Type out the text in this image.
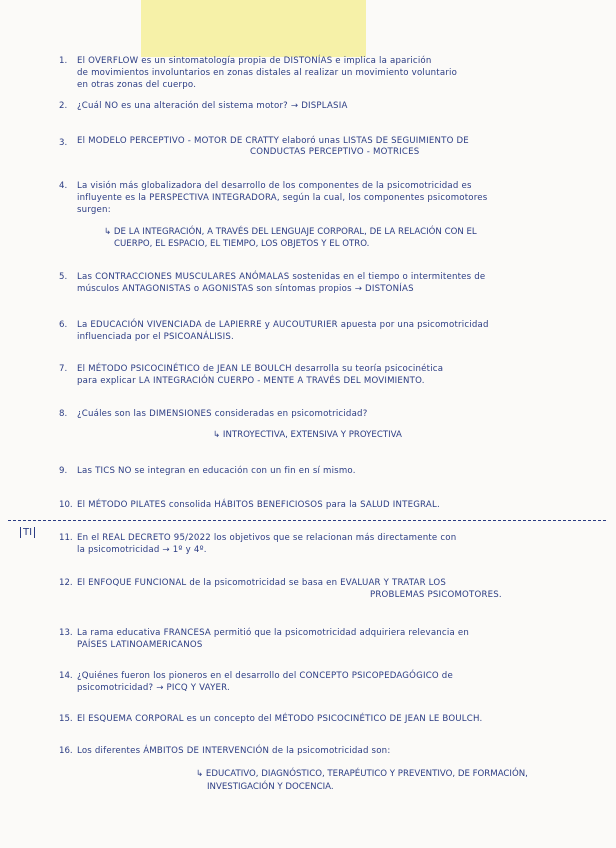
1. El OVERFLOW es un sintomatología propia de DISTONÍAS e implica la aparición
de movimientos involuntarios en zonas distales al realizar un movimiento voluntario
en otras zonas del cuerpo.
2. ¿Cuál NO es una alteración del sistema motor? → DISPLASIA
3. El MODELO PERCEPTIVO - MOTOR DE CRATTY elaboró unas LISTAS DE SEGUIMIENTO DE
CONDUCTAS PERCEPTIVO - MOTRICES
4. La visión más globalizadora del desarrollo de los componentes de la psicomotricidad es
influyente es la PERSPECTIVA INTEGRADORA, según la cual, los componentes psicomotores
surgen:
↳ DE LA INTEGRACIÓN, A TRAVÉS DEL LENGUAJE CORPORAL, DE LA RELACIÓN CON EL
CUERPO, EL ESPACIO, EL TIEMPO, LOS OBJETOS Y EL OTRO.
5. Las CONTRACCIONES MUSCULARES ANÓMALAS sostenidas en el tiempo o intermitentes de
músculos ANTAGONISTAS o AGONISTAS son síntomas propios → DISTONÍAS
6. La EDUCACIÓN VIVENCIADA de LAPIERRE y AUCOUTURIER apuesta por una psicomotricidad
influenciada por el PSICOANÁLISIS.
7. El MÉTODO PSICOCINÉTICO de JEAN LE BOULCH desarrolla su teoría psicocinética
para explicar LA INTEGRACIÓN CUERPO - MENTE A TRAVÉS DEL MOVIMIENTO.
8. ¿Cuáles son las DIMENSIONES consideradas en psicomotricidad?
↳ INTROYECTIVA, EXTENSIVA Y PROYECTIVA
9. Las TICS NO se integran en educación con un fin en sí mismo.
10. El MÉTODO PILATES consolida HÁBITOS BENEFICIOSOS para la SALUD INTEGRAL.
TI	11. En el REAL DECRETO 95/2022 los objetivos que se relacionan más directamente con
la psicomotricidad → 1º y 4º.
12. El ENFOQUE FUNCIONAL de la psicomotricidad se basa en EVALUAR Y TRATAR LOS
PROBLEMAS PSICOMOTORES.
13. La rama educativa FRANCESA permitió que la psicomotricidad adquiriera relevancia en
PAÍSES LATINOAMERICANOS
14. ¿Quiénes fueron los pioneros en el desarrollo del CONCEPTO PSICOPEDAGÓGICO de
psicomotricidad? → PICQ Y VAYER.
15. El ESQUEMA CORPORAL es un concepto del MÉTODO PSICOCINÉTICO DE JEAN LE BOULCH.
16. Los diferentes ÁMBITOS DE INTERVENCIÓN de la psicomotricidad son:
↳ EDUCATIVO, DIAGNÓSTICO, TERAPÉUTICO Y PREVENTIVO, DE FORMACIÓN,
INVESTIGACIÓN Y DOCENCIA.
